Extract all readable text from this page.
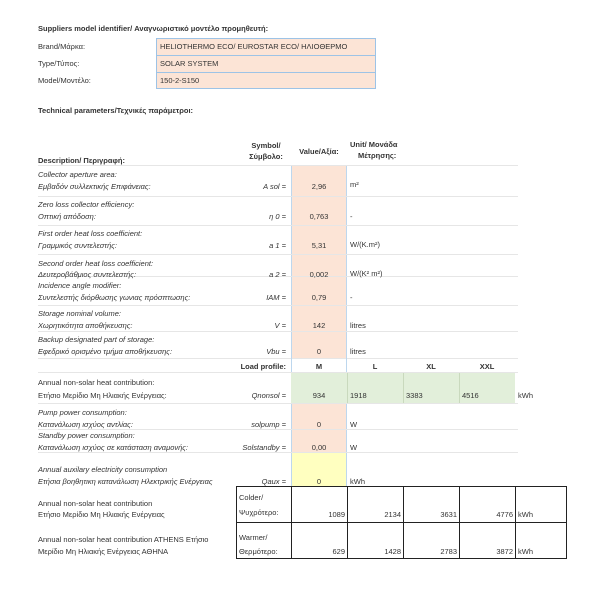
Suppliers model identifier/ Αναγνωριστικό μοντέλο προμηθευτή:
Brand/Μάρκα:	HELIOTHERMO ECO/ EUROSTAR ECO/ ΗΛΙΟΘΕΡΜΟ
Type/Τύπος:	SOLAR SYSTEM
Model/Μοντέλο:	150-2-S150
Technical parameters/Τεχνικές παράμετροι:
Description/ Περιγραφή:
Symbol/
Σύμβολο:
Value/Αξία:
Unit/ Μονάδα
Μέτρησης:
Collector aperture area:
Εμβαδόν συλλεκτικής Επιφάνειας:	A sol =	2,96	m²
Zero loss collector efficiency:
Οπτική απόδοση:	η 0 =	0,763	-
First order heat loss coefficient:
Γραμμικός συντελεστής:	a 1 =	5,31	W/(K.m²)
Second order heat loss coefficient:
Δευτεροβάθμιος συντελεστής:	a 2 =	0,002	W/(K² m²)
Incidence angle modifier:
Συντελεστής διόρθωσης γωνιας πρόσπτωσης:	IAM =	0,79	-
Storage nominal volume:
Χωρητικότητα αποθήκευσης:	V =	142	litres
Backup designated part of storage:
Εφεδρικό ορισμένο τμήμα αποθήκευσης:	Vbu =	0	litres
Load profile:	M	L	XL	XXL
Annual non-solar heat contribution:
Ετήσιο Μερίδιο Μη Ηλιακής Ενέργειας:	Qnonsol =	934	1918	3383	4516	kWh
Pump power consumption:
Κατανάλωση ισχύος αντλίας:	solpump =	0	W
Standby power consumption:
Κατανάλωση ισχύος σε κατάσταση αναμονής:	Solstandby =	0,00	W
Annual auxilary electricity consumption
Ετήσια βοηθητικη κατανάλωση Ηλεκτρικής Ενέργειας	Qaux =	0	kWh
Annual non-solar heat contribution
Ετήσιο Μερίδιο Μη Ηλιακής Ενέργειας
Colder/
Ψυχρότερο:	1089	2134	3631	4776 kWh
Annual non-solar heat contribution ATHENS Ετήσιο
Μερίδιο Μη Ηλιακής Ενέργειας ΑΘΗΝΑ
Warmer/
Θερμότερο:	629	1428	2783	3872 kWh
